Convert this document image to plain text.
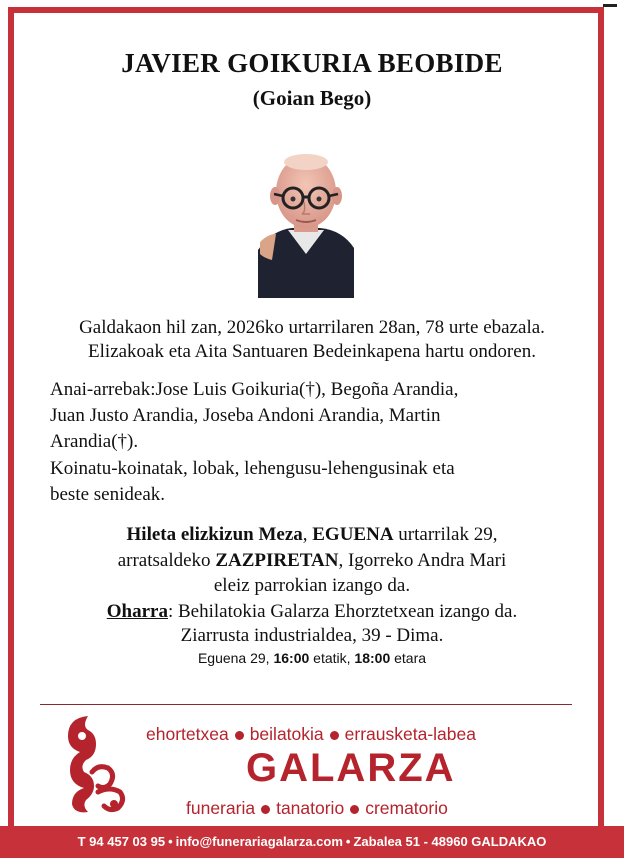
JAVIER GOIKURIA BEOBIDE
(Goian Bego)
Galdakaon hil zan, 2026ko urtarrilaren 28an, 78 urte ebazala.
Elizakoak eta Aita Santuaren Bedeinkapena hartu ondoren.
Anai-arrebak:Jose Luis Goikuria(†), Begoña Arandia,
Juan Justo Arandia, Joseba Andoni Arandia, Martin
Arandia(†).
Koinatu-koinatak, lobak, lehengusu-lehengusinak eta
beste senideak.
Hileta elizkizun Meza, EGUENA urtarrilak 29,
arratsaldeko ZAZPIRETAN, Igorreko Andra Mari
eleiz parrokian izango da.
Oharra: Behilatokia Galarza Ehorztetxean izango da.
Ziarrusta industrialdea, 39 - Dima.
Eguena 29, 16:00 etatik, 18:00 etara
ehortetxea beilatokia errausketa-labea
GALARZA
funeraria tanatorio crematorio
T 94 457 03 95 • info@funerariagalarza.com • Zabalea 51 - 48960 GALDAKAO
